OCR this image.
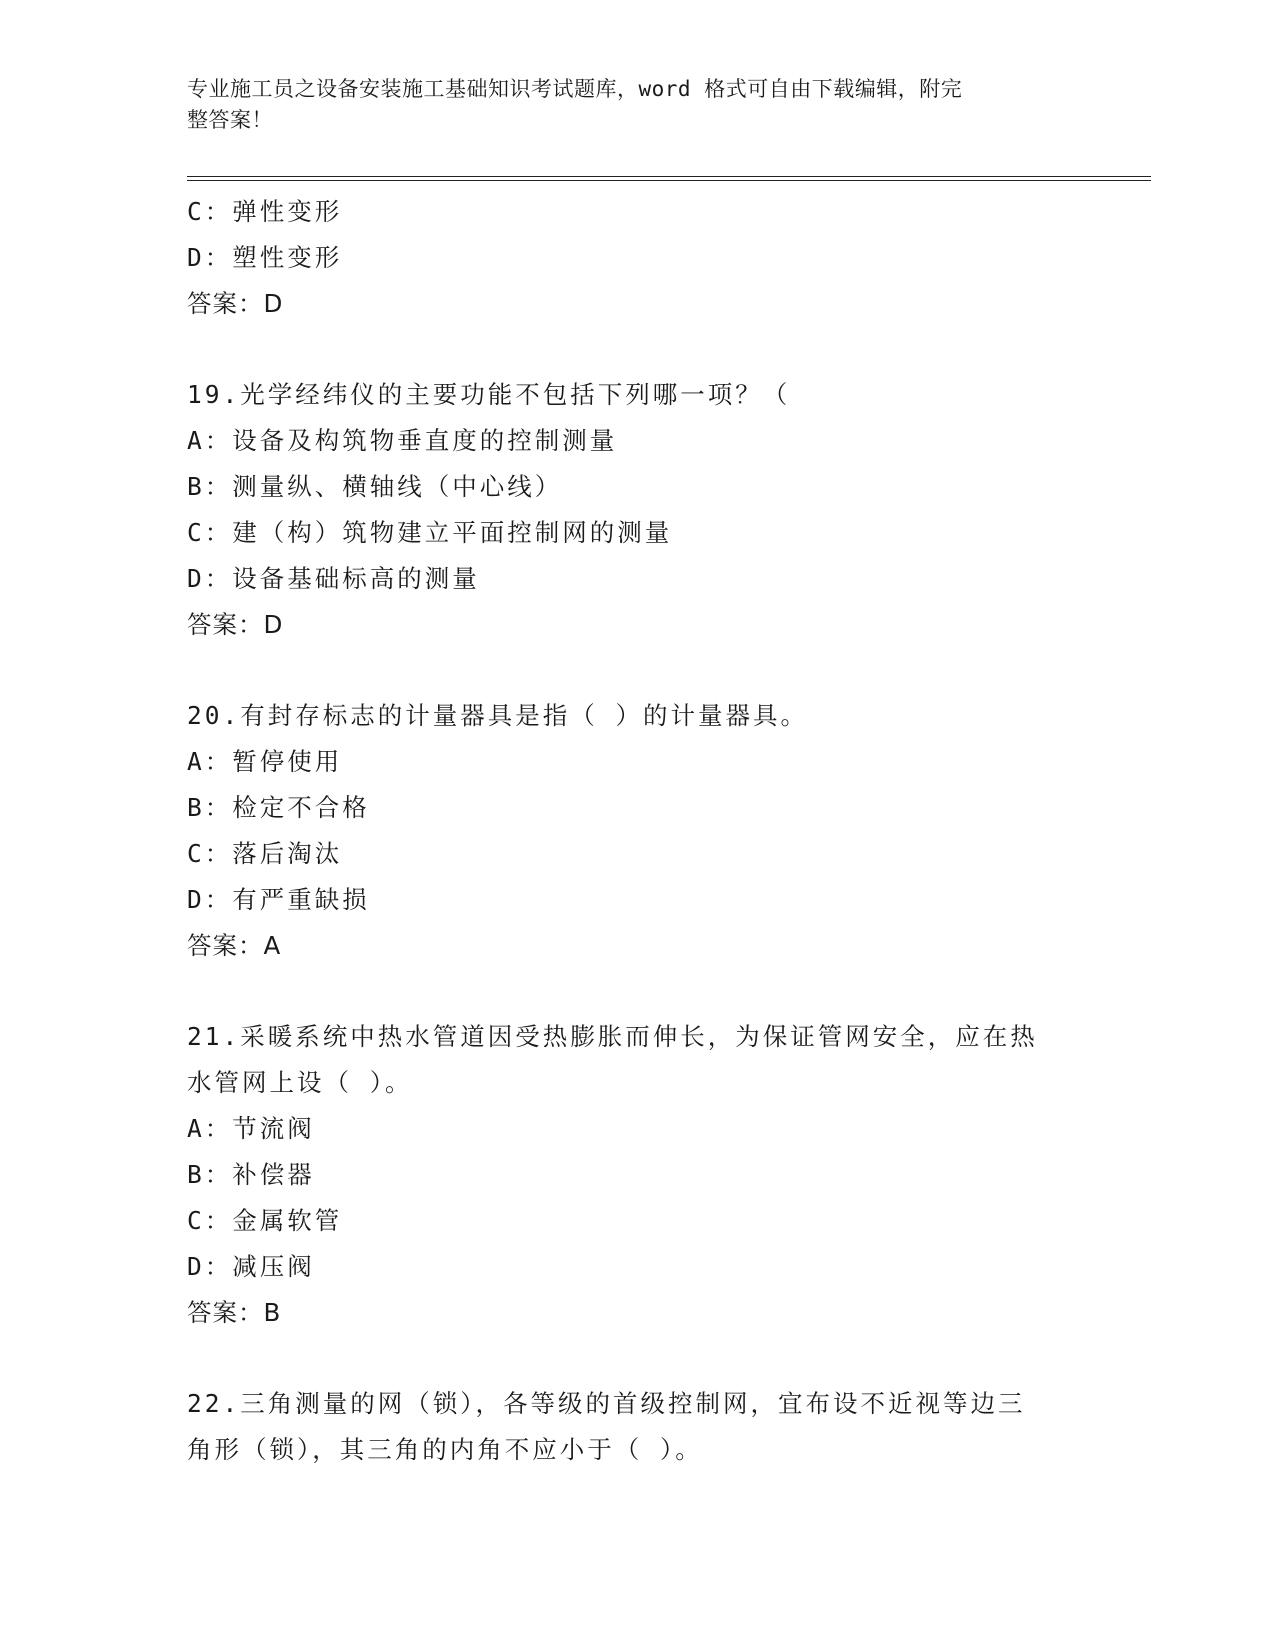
专业施工员之设备安装施工基础知识考试题库，word 格式可自由下载编辑，附完
整答案！
C：弹性变形
D：塑性变形
答案：D
19.光学经纬仪的主要功能不包括下列哪一项？（
A：设备及构筑物垂直度的控制测量
B：测量纵、横轴线（中心线）
C：建（构）筑物建立平面控制网的测量
D：设备基础标高的测量
答案：D
20.有封存标志的计量器具是指（ ）的计量器具。
A：暂停使用
B：检定不合格
C：落后淘汰
D：有严重缺损
答案：A
21.采暖系统中热水管道因受热膨胀而伸长，为保证管网安全，应在热
水管网上设（ ）。
A：节流阀
B：补偿器
C：金属软管
D：减压阀
答案：B
22.三角测量的网（锁），各等级的首级控制网，宜布设不近视等边三
角形（锁），其三角的内角不应小于（ ）。
